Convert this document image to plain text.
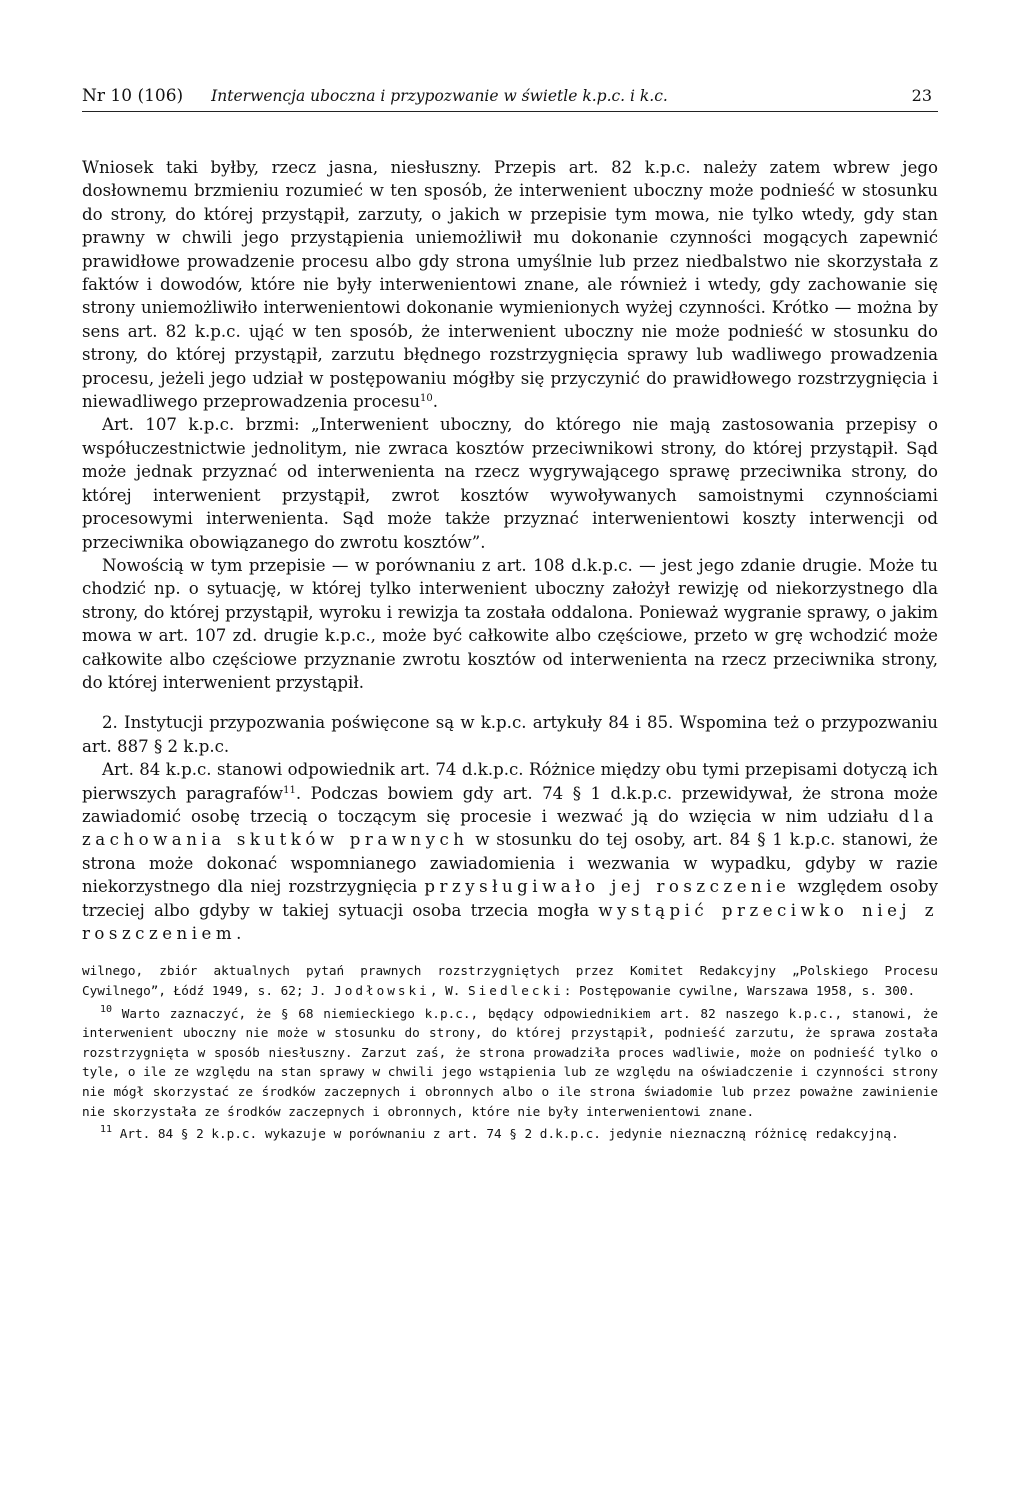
Nr 10 (106) Interwencja uboczna i przypozwanie w świetle k.p.c. i k.c.	23

Wniosek taki byłby, rzecz jasna, niesłuszny. Przepis art. 82 k.p.c. należy zatem wbrew jego dosłownemu brzmieniu rozumieć w ten sposób, że interwenient uboczny może podnieść w stosunku do strony, do której przystąpił, zarzuty, o jakich w przepisie tym mowa, nie tylko wtedy, gdy stan prawny w chwili jego przystąpienia uniemożliwił mu dokonanie czynności mogących zapewnić prawidłowe prowadzenie procesu albo gdy strona umyślnie lub przez niedbalstwo nie skorzystała z faktów i dowodów, które nie były interwenientowi znane, ale również i wtedy, gdy zachowanie się strony uniemożliwiło interwenientowi dokonanie wymienionych wyżej czynności. Krótko — można by sens art. 82 k.p.c. ująć w ten sposób, że interwenient uboczny nie może podnieść w stosunku do strony, do której przystąpił, zarzutu błędnego rozstrzygnięcia sprawy lub wadliwego prowadzenia procesu, jeżeli jego udział w postępowaniu mógłby się przyczynić do prawidłowego rozstrzygnięcia i niewadliwego przeprowadzenia procesu$^{10}$.

Art. 107 k.p.c. brzmi: „Interwenient uboczny, do którego nie mają zastosowania przepisy o współuczestnictwie jednolitym, nie zwraca kosztów przeciwnikowi strony, do której przystąpił. Sąd może jednak przyznać od interwenienta na rzecz wygrywającego sprawę przeciwnika strony, do której interwenient przystąpił, zwrot kosztów wywoływanych samoistnymi czynnościami procesowymi interwenienta. Sąd może także przyznać interwenientowi koszty interwencji od przeciwnika obowiązanego do zwrotu kosztów”.

Nowością w tym przepisie — w porównaniu z art. 108 d.k.p.c. — jest jego zdanie drugie. Może tu chodzić np. o sytuację, w której tylko interwenient uboczny założył rewizję od niekorzystnego dla strony, do której przystąpił, wyroku i rewizja ta została oddalona. Ponieważ wygranie sprawy, o jakim mowa w art. 107 zd. drugie k.p.c., może być całkowite albo częściowe, przeto w grę wchodzić może całkowite albo częściowe przyznanie zwrotu kosztów od interwenienta na rzecz przeciwnika strony, do której interwenient przystąpił.

2. Instytucji przypozwania poświęcone są w k.p.c. artykuły 84 i 85. Wspomina też o przypozwaniu art. 887 § 2 k.p.c.

Art. 84 k.p.c. stanowi odpowiednik art. 74 d.k.p.c. Różnice między obu tymi przepisami dotyczą ich pierwszych paragrafów$^{11}$. Podczas bowiem gdy art. 74 § 1 d.k.p.c. przewidywał, że strona może zawiadomić osobę trzecią o toczącym się procesie i wezwać ją do wzięcia w nim udziału dla zachowania skutków prawnych w stosunku do tej osoby, art. 84 § 1 k.p.c. stanowi, że strona może dokonać wspomnianego zawiadomienia i wezwania w wypadku, gdyby w razie niekorzystnego dla niej rozstrzygnięcia przysługiwało jej roszczenie względem osoby trzeciej albo gdyby w takiej sytuacji osoba trzecia mogła wystąpić przeciwko niej z roszczeniem.

wilnego, zbiór aktualnych pytań prawnych rozstrzygniętych przez Komitet Redakcyjny „Polskiego Procesu Cywilnego”, Łódź 1949, s. 62; J. Jodłowski, W. Siedlecki: Postępowanie cywilne, Warszawa 1958, s. 300.

$^{10}$ Warto zaznaczyć, że § 68 niemieckiego k.p.c., będący odpowiednikiem art. 82 naszego k.p.c., stanowi, że interwenient uboczny nie może w stosunku do strony, do której przystąpił, podnieść zarzutu, że sprawa została rozstrzygnięta w sposób niesłuszny. Zarzut zaś, że strona prowadziła proces wadliwie, może on podnieść tylko o tyle, o ile ze względu na stan sprawy w chwili jego wstąpienia lub ze względu na oświadczenie i czynności strony nie mógł skorzystać ze środków zaczepnych i obronnych albo o ile strona świadomie lub przez poważne zawinienie nie skorzystała ze środków zaczepnych i obronnych, które nie były interwenientowi znane.

$^{11}$ Art. 84 § 2 k.p.c. wykazuje w porównaniu z art. 74 § 2 d.k.p.c. jedynie nieznaczną różnicę redakcyjną.
